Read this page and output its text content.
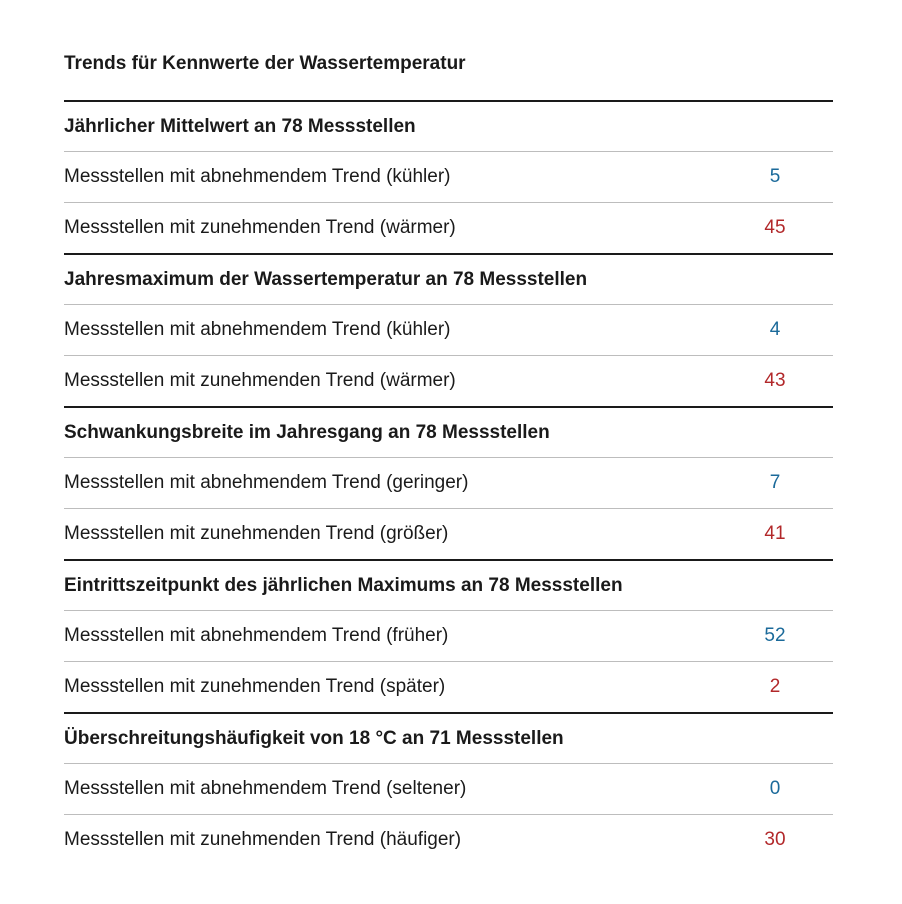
Trends für Kennwerte der Wassertemperatur
Jährlicher Mittelwert an 78 Messstellen
Messstellen mit abnehmendem Trend (kühler)	5
Messstellen mit zunehmenden Trend (wärmer)	45
Jahresmaximum der Wassertemperatur an 78 Messstellen
Messstellen mit abnehmendem Trend (kühler)	4
Messstellen mit zunehmenden Trend (wärmer)	43
Schwankungsbreite im Jahresgang an 78 Messstellen
Messstellen mit abnehmendem Trend (geringer)	7
Messstellen mit zunehmenden Trend (größer)	41
Eintrittszeitpunkt des jährlichen Maximums an 78 Messstellen
Messstellen mit abnehmendem Trend (früher)	52
Messstellen mit zunehmenden Trend (später)	2
Überschreitungshäufigkeit von 18 °C an 71 Messstellen
Messstellen mit abnehmendem Trend (seltener)	0
Messstellen mit zunehmenden Trend (häufiger)	30
